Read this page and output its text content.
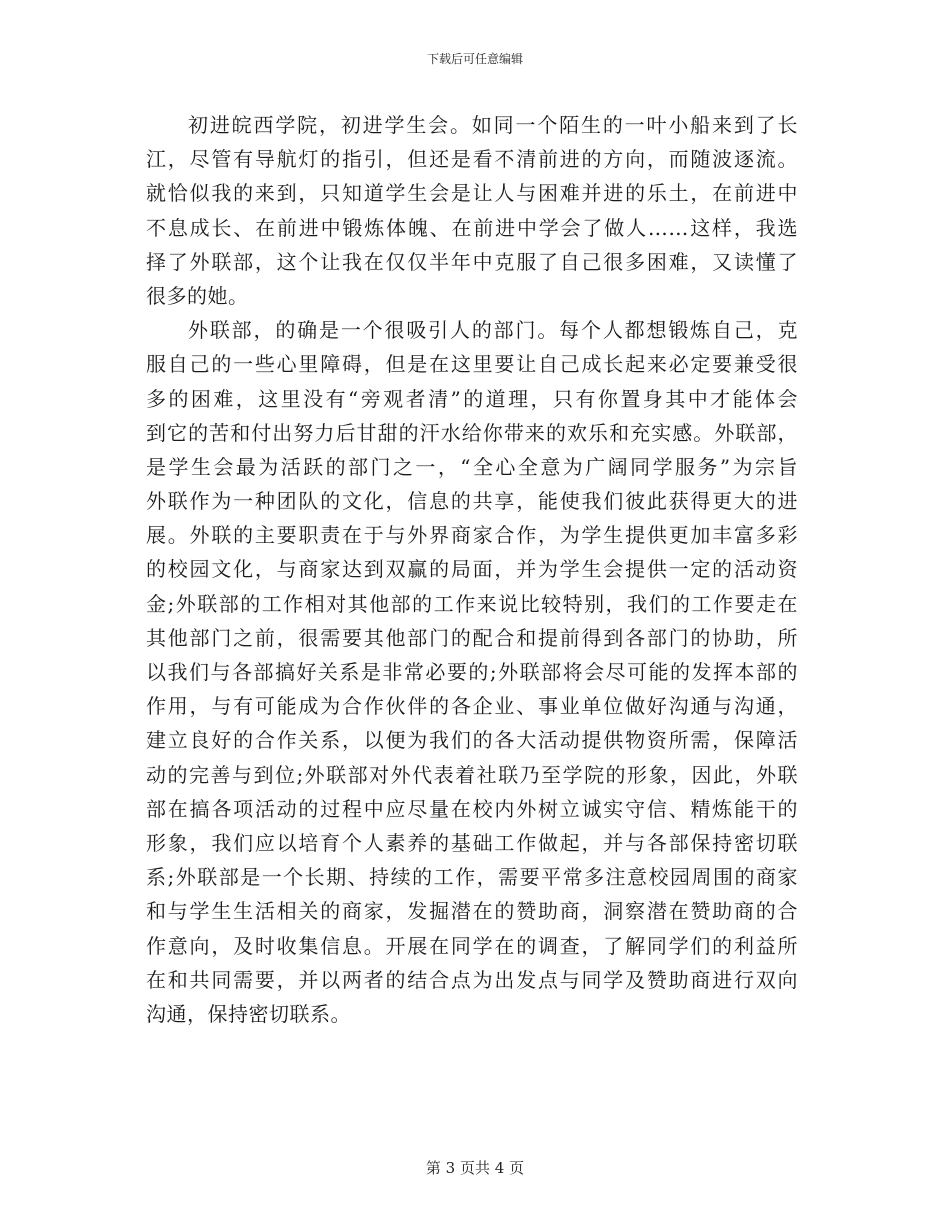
下载后可任意编辑
初进皖西学院，初进学生会。如同一个陌生的一叶小船来到了长
江，尽管有导航灯的指引，但还是看不清前进的方向，而随波逐流。
就恰似我的来到，只知道学生会是让人与困难并进的乐土，在前进中
不息成长、在前进中锻炼体魄、在前进中学会了做人……这样，我选
择了外联部，这个让我在仅仅半年中克服了自己很多困难，又读懂了
很多的她。
外联部，的确是一个很吸引人的部门。每个人都想锻炼自己，克
服自己的一些心里障碍，但是在这里要让自己成长起来必定要兼受很
多的困难，这里没有“旁观者清”的道理，只有你置身其中才能体会
到它的苦和付出努力后甘甜的汗水给你带来的欢乐和充实感。外联部，
是学生会最为活跃的部门之一，“全心全意为广阔同学服务”为宗旨
外联作为一种团队的文化，信息的共享，能使我们彼此获得更大的进
展。外联的主要职责在于与外界商家合作，为学生提供更加丰富多彩
的校园文化，与商家达到双赢的局面，并为学生会提供一定的活动资
金;外联部的工作相对其他部的工作来说比较特别，我们的工作要走在
其他部门之前，很需要其他部门的配合和提前得到各部门的协助，所
以我们与各部搞好关系是非常必要的;外联部将会尽可能的发挥本部的
作用，与有可能成为合作伙伴的各企业、事业单位做好沟通与沟通，
建立良好的合作关系，以便为我们的各大活动提供物资所需，保障活
动的完善与到位;外联部对外代表着社联乃至学院的形象，因此，外联
部在搞各项活动的过程中应尽量在校内外树立诚实守信、精炼能干的
形象，我们应以培育个人素养的基础工作做起，并与各部保持密切联
系;外联部是一个长期、持续的工作，需要平常多注意校园周围的商家
和与学生生活相关的商家，发掘潜在的赞助商，洞察潜在赞助商的合
作意向，及时收集信息。开展在同学在的调查，了解同学们的利益所
在和共同需要，并以两者的结合点为出发点与同学及赞助商进行双向
沟通，保持密切联系。
第 3 页共 4 页
